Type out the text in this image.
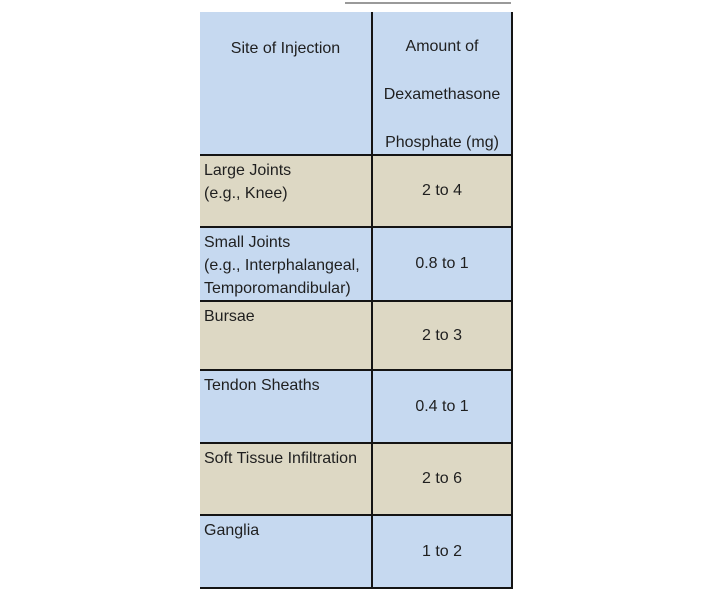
Site of Injection	Amount of
Dexamethasone
Phosphate (mg)

Large Joints
(e.g., Knee)	2 to 4

Small Joints
(e.g., Interphalangeal,
Temporomandibular)	0.8 to 1

Bursae	2 to 3

Tendon Sheaths	0.4 to 1

Soft Tissue Infiltration	2 to 6

Ganglia	1 to 2
